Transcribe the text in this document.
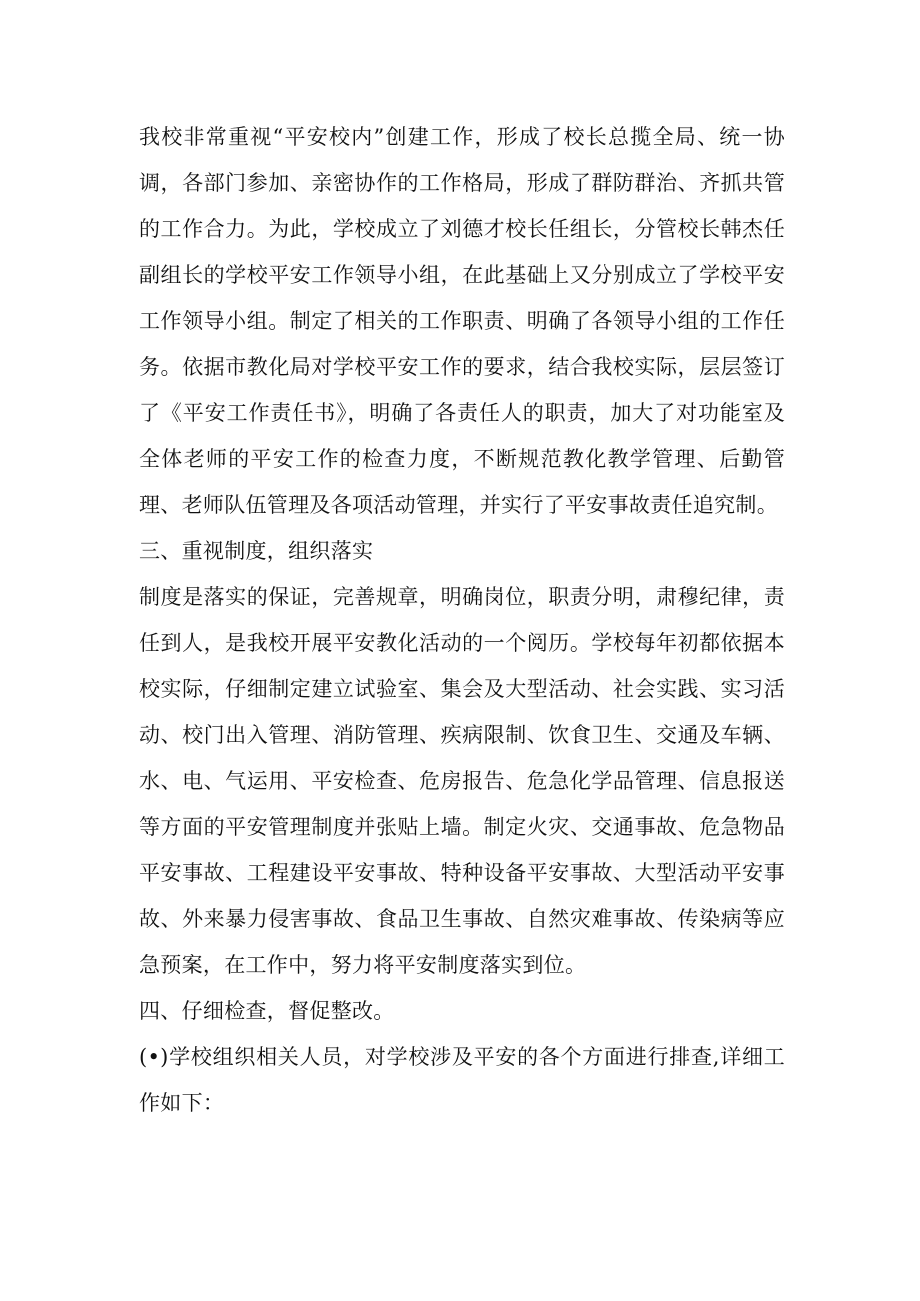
我校非常重视“平安校内”创建工作，形成了校长总揽全局、统一协调，各部门参加、亲密协作的工作格局，形成了群防群治、齐抓共管的工作合力。为此，学校成立了刘德才校长任组长，分管校长韩杰任副组长的学校平安工作领导小组，在此基础上又分别成立了学校平安工作领导小组。制定了相关的工作职责、明确了各领导小组的工作任务。依据市教化局对学校平安工作的要求，结合我校实际，层层签订了《平安工作责任书》，明确了各责任人的职责，加大了对功能室及全体老师的平安工作的检查力度，不断规范教化教学管理、后勤管理、老师队伍管理及各项活动管理，并实行了平安事故责任追究制。

三、重视制度，组织落实

制度是落实的保证，完善规章，明确岗位，职责分明，肃穆纪律，责任到人，是我校开展平安教化活动的一个阅历。学校每年初都依据本校实际，仔细制定建立试验室、集会及大型活动、社会实践、实习活动、校门出入管理、消防管理、疾病限制、饮食卫生、交通及车辆、水、电、气运用、平安检查、危房报告、危急化学品管理、信息报送等方面的平安管理制度并张贴上墙。制定火灾、交通事故、危急物品平安事故、工程建设平安事故、特种设备平安事故、大型活动平安事故、外来暴力侵害事故、食品卫生事故、自然灾难事故、传染病等应急预案，在工作中，努力将平安制度落实到位。

四、仔细检查，督促整改。

(•)学校组织相关人员，对学校涉及平安的各个方面进行排查,详细工作如下：
